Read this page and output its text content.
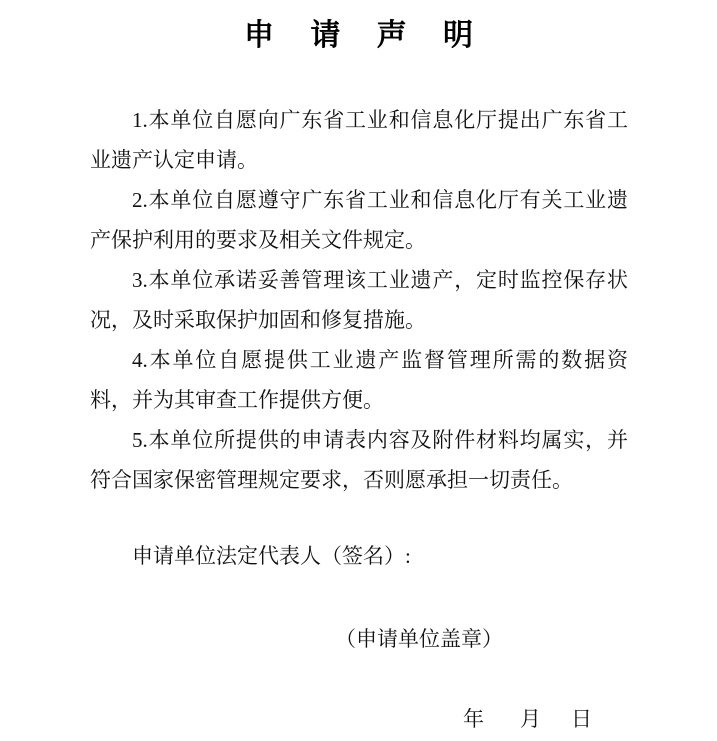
申 请 声 明

1.本单位自愿向广东省工业和信息化厅提出广东省工业遗产认定申请。

2.本单位自愿遵守广东省工业和信息化厅有关工业遗产保护利用的要求及相关文件规定。

3.本单位承诺妥善管理该工业遗产，定时监控保存状况，及时采取保护加固和修复措施。

4.本单位自愿提供工业遗产监督管理所需的数据资料，并为其审查工作提供方便。

5.本单位所提供的申请表内容及附件材料均属实，并符合国家保密管理规定要求，否则愿承担一切责任。

申请单位法定代表人（签名）:
（申请单位盖章）
年 月 日
